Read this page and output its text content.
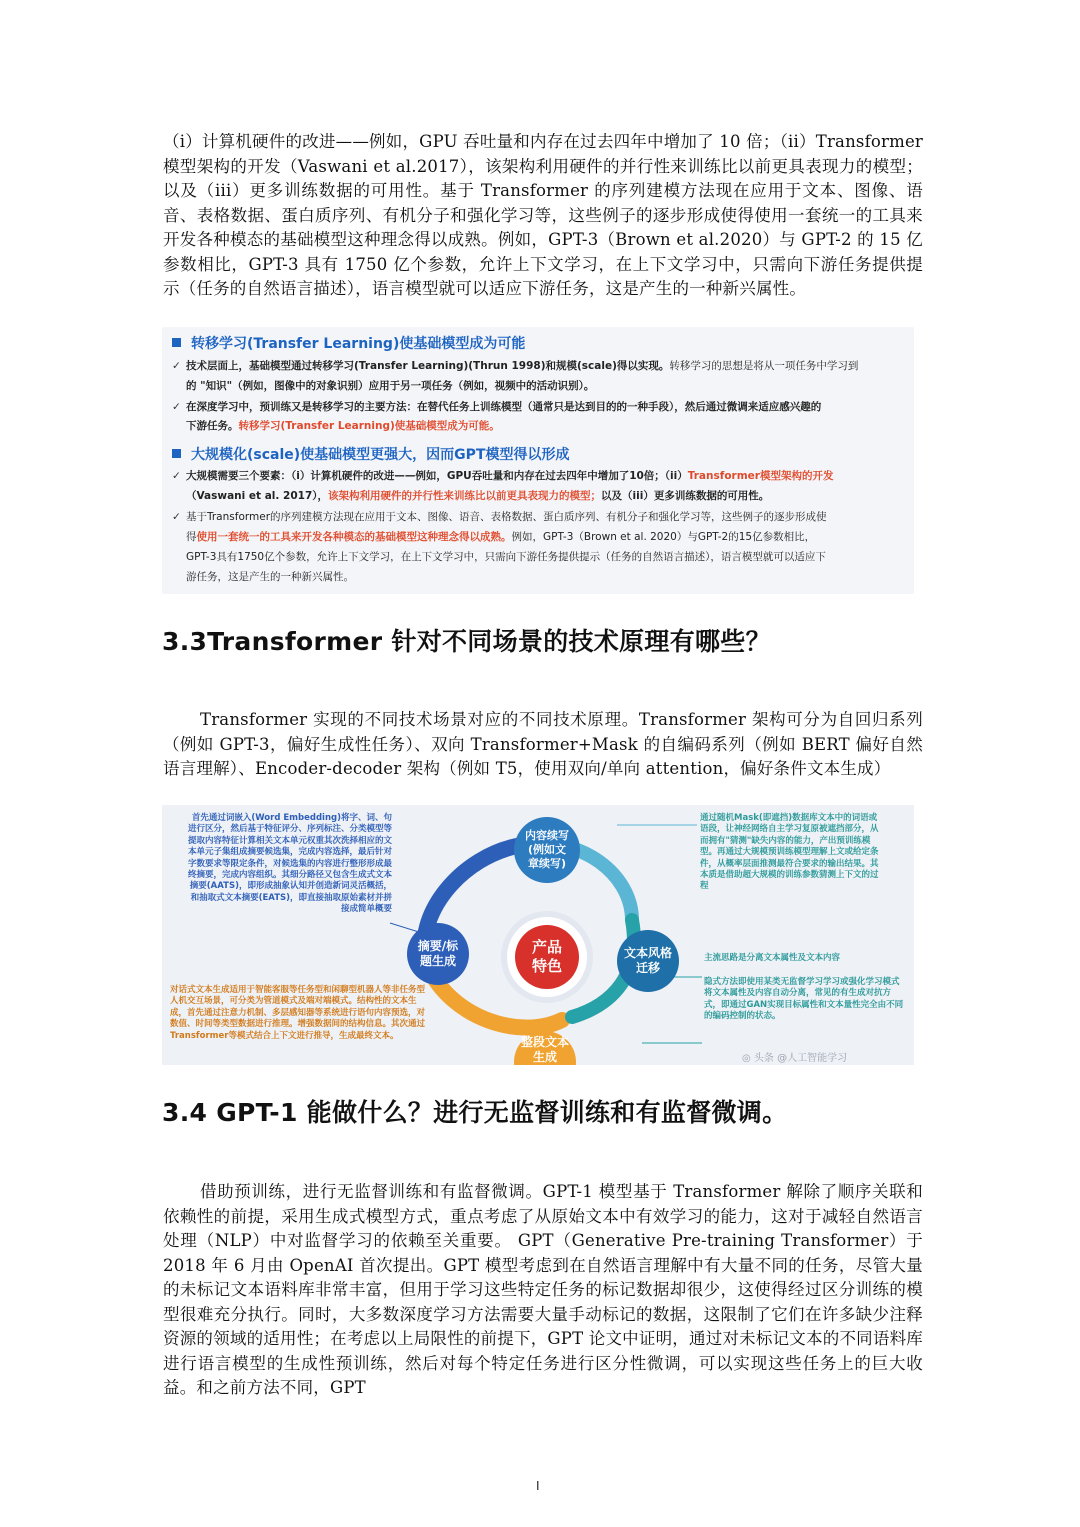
（i）计算机硬件的改进——例如，GPU 吞吐量和内存在过去四年中增加了 10 倍；（ii）Transformer 模型架构的开发（Vaswani et al.2017），该架构利用硬件的并行性来训练比以前更具表现力的模型；以及（iii）更多训练数据的可用性。基于 Transformer 的序列建模方法现在应用于文本、图像、语音、表格数据、蛋白质序列、有机分子和强化学习等，这些例子的逐步形成使得使用一套统一的工具来开发各种模态的基础模型这种理念得以成熟。例如，GPT-3（Brown et al.2020）与 GPT-2 的 15 亿参数相比，GPT-3 具有 1750 亿个参数，允许上下文学习，在上下文学习中，只需向下游任务提供提示（任务的自然语言描述），语言模型就可以适应下游任务，这是产生的一种新兴属性。

转移学习(Transfer Learning)使基础模型成为可能
✓ 技术层面上，基础模型通过转移学习(Transfer Learning)(Thrun 1998)和规模(scale)得以实现。转移学习的思想是将从一项任务中学习到
的 "知识"（例如，图像中的对象识别）应用于另一项任务（例如，视频中的活动识别）。
✓ 在深度学习中，预训练又是转移学习的主要方法：在替代任务上训练模型（通常只是达到目的的一种手段），然后通过微调来适应感兴趣的
下游任务。转移学习(Transfer Learning)使基础模型成为可能。
大规模化(scale)使基础模型更强大，因而GPT模型得以形成
✓ 大规模需要三个要素：（i）计算机硬件的改进——例如，GPU吞吐量和内存在过去四年中增加了10倍；（ii）Transformer模型架构的开发
（Vaswani et al. 2017），该架构利用硬件的并行性来训练比以前更具表现力的模型；以及（iii）更多训练数据的可用性。
✓ 基于Transformer的序列建模方法现在应用于文本、图像、语音、表格数据、蛋白质序列、有机分子和强化学习等，这些例子的逐步形成使
得使用一套统一的工具来开发各种模态的基础模型这种理念得以成熟。例如，GPT-3（Brown et al. 2020）与GPT-2的15亿参数相比，
GPT-3具有1750亿个参数，允许上下文学习，在上下文学习中，只需向下游任务提供提示（任务的自然语言描述），语言模型就可以适应下
游任务，这是产生的一种新兴属性。
3.3Transformer 针对不同场景的技术原理有哪些？

Transformer 实现的不同技术场景对应的不同技术原理。Transformer 架构可分为自回归系列（例如 GPT-3，偏好生成性任务）、双向 Transformer+Mask 的自编码系列（例如 BERT 偏好自然语言理解）、Encoder-decoder 架构（例如 T5，使用双向/单向 attention，偏好条件文本生成）

首先通过词嵌入(Word Embedding)将字、词、句进行区分，然后基于特征评分、序列标注、分类模型等提取内容特征计算相关文本单元权重其次洗择相应的文本单元子集组成摘要候选集，完成内容选择，最后针对字数要求等限定条件，对候选集的内容进行整形形成最终摘要，完成内容组织。其细分路径又包含生成式文本摘要(AATS)，即形成抽象认知并创造新词灵活概括，和抽取式文本摘要(EATS)，即直接抽取原始素材并拼接成简单概要

通过随机Mask(即遮挡)数据库文本中的词语或语段，让神经网络自主学习复原被遮挡部分，从而拥有"猜测"缺失内容的能力，产出预训练模型。再通过大规模预训练模型理解上文或给定条件，从概率层面推测最符合要求的输出结果。其本质是借助超大规模的训练参数猜测上下文的过程

主流思路是分离文本属性及文本内容

隐式方法即使用某类无监督学习学习或强化学习模式将文本属性及内容自动分离，常见的有生成对抗方式，即通过GAN实现目标属性和文本量性完全由不同的编码控制的状态。

对话式文本生成适用于智能客服等任务型和闲聊型机器人等非任务型人机交互场景，可分类为管道模式及端对端模式。结构性的文本生成，首先通过注意力机制、多层感知器等系统进行语句内容预选，对数值、时间等类型数据进行推理。增强数据间的结构信息。其次通过Transformer等模式结合上下文进行推导，生成最终文本。

产品
特色
内容续写
(例如文
章续写)
摘要/标
题生成
文本风格
迁移
整段文本
生成	◎ 头条 @人工智能学习
3.4 GPT-1 能做什么？进行无监督训练和有监督微调。

借助预训练，进行无监督训练和有监督微调。GPT-1 模型基于 Transformer 解除了顺序关联和依赖性的前提，采用生成式模型方式，重点考虑了从原始文本中有效学习的能力，这对于减轻自然语言处理（NLP）中对监督学习的依赖至关重要。 GPT（Generative Pre-training Transformer）于 2018 年 6 月由 OpenAI 首次提出。GPT 模型考虑到在自然语言理解中有大量不同的任务，尽管大量的未标记文本语料库非常丰富，但用于学习这些特定任务的标记数据却很少，这使得经过区分训练的模型很难充分执行。同时，大多数深度学习方法需要大量手动标记的数据，这限制了它们在许多缺少注释资源的领域的适用性；在考虑以上局限性的前提下，GPT 论文中证明，通过对未标记文本的不同语料库进行语言模型的生成性预训练，然后对每个特定任务进行区分性微调，可以实现这些任务上的巨大收益。和之前方法不同，GPT

I
